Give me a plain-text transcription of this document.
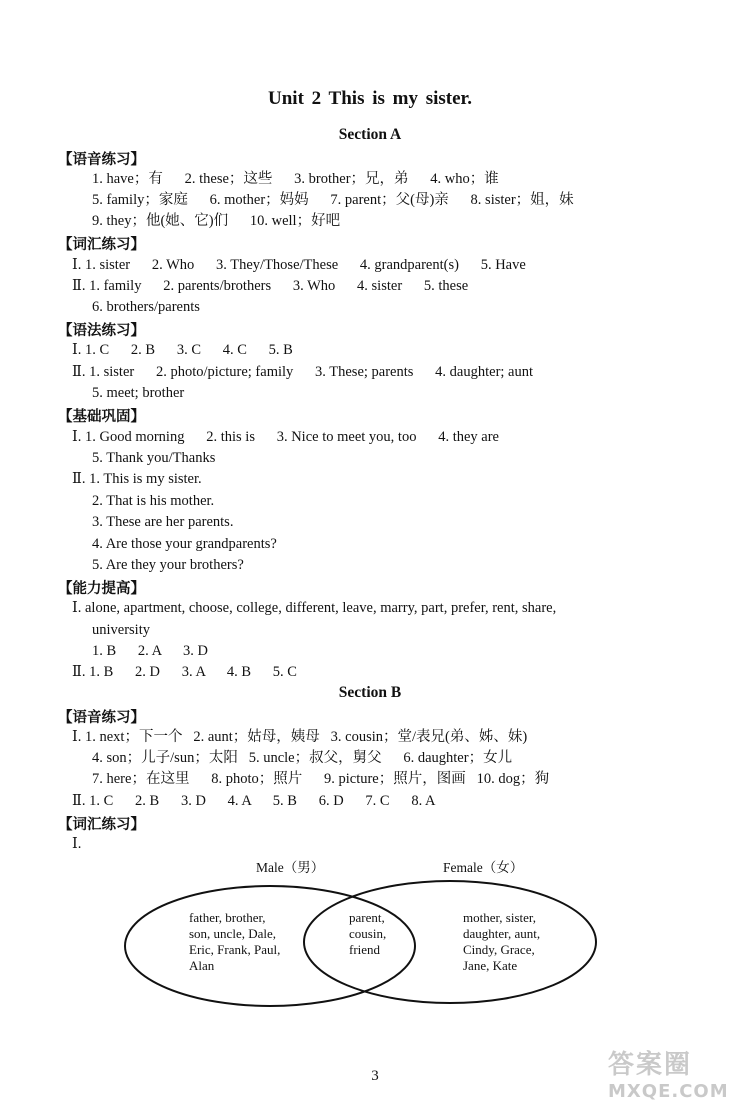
Unit 2 This is my sister.
Section A
【语音练习】
1. have；有      2. these；这些      3. brother；兄，弟      4. who；谁
5. family；家庭      6. mother；妈妈      7. parent；父(母)亲      8. sister；姐，妹
9. they；他(她、它)们      10. well；好吧
【词汇练习】
Ⅰ. 1. sister      2. Who      3. They/Those/These      4. grandparent(s)      5. Have
Ⅱ. 1. family      2. parents/brothers      3. Who      4. sister      5. these
6. brothers/parents
【语法练习】
Ⅰ. 1. C      2. B      3. C      4. C      5. B
Ⅱ. 1. sister      2. photo/picture; family      3. These; parents      4. daughter; aunt
5. meet; brother
【基础巩固】
Ⅰ. 1. Good morning      2. this is      3. Nice to meet you, too      4. they are
5. Thank you/Thanks
Ⅱ. 1. This is my sister.
2. That is his mother.
3. These are her parents.
4. Are those your grandparents?
5. Are they your brothers?
【能力提高】
Ⅰ. alone, apartment, choose, college, different, leave, marry, part, prefer, rent, share,
university
1. B      2. A      3. D
Ⅱ. 1. B      2. D      3. A      4. B      5. C
Section B
【语音练习】
Ⅰ. 1. next；下一个   2. aunt；姑母，姨母   3. cousin；堂/表兄(弟、姊、妹)
4. son；儿子/sun；太阳   5. uncle；叔父，舅父      6. daughter；女儿
7. here；在这里      8. photo；照片      9. picture；照片，图画   10. dog；狗
Ⅱ. 1. C      2. B      3. D      4. A      5. B      6. D      7. C      8. A
【词汇练习】
Ⅰ.
Male（男）	Female（女）
father, brother,
son, uncle, Dale,
Eric, Frank, Paul,
Alan
parent,
cousin,
friend
mother, sister,
daughter, aunt,
Cindy, Grace,
Jane, Kate
3	答案圈
MXQE.COM
